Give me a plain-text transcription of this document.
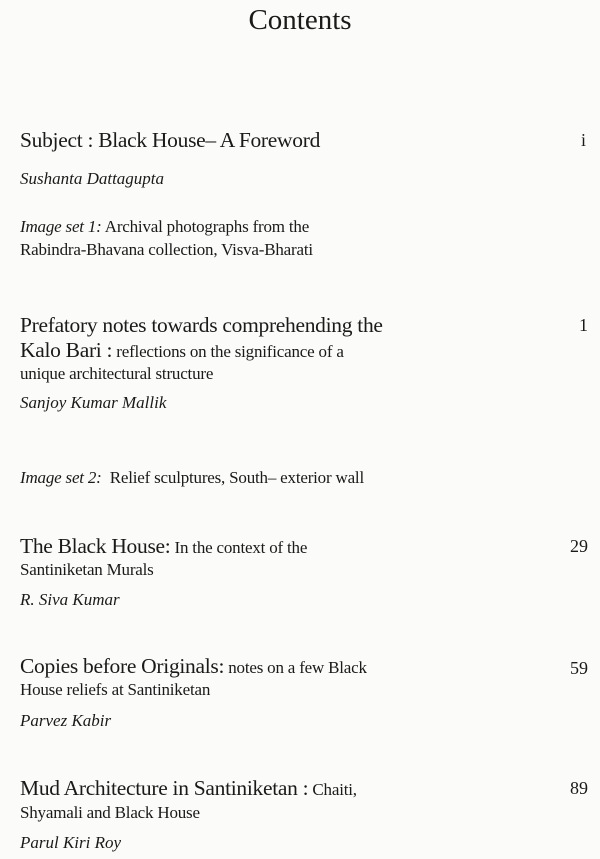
Contents
Subject : Black House– A Foreword	i
Sushanta Dattagupta
Image set 1: Archival photographs from the
Rabindra-Bhavana collection, Visva-Bharati
Prefatory notes towards comprehending the	1
Kalo Bari : reflections on the significance of a
unique architectural structure
Sanjoy Kumar Mallik
Image set 2:  Relief sculptures, South– exterior wall
The Black House: In the context of the	29
Santiniketan Murals
R. Siva Kumar
Copies before Originals: notes on a few Black	59
House reliefs at Santiniketan
Parvez Kabir
Mud Architecture in Santiniketan : Chaiti,	89
Shyamali and Black House
Parul Kiri Roy
